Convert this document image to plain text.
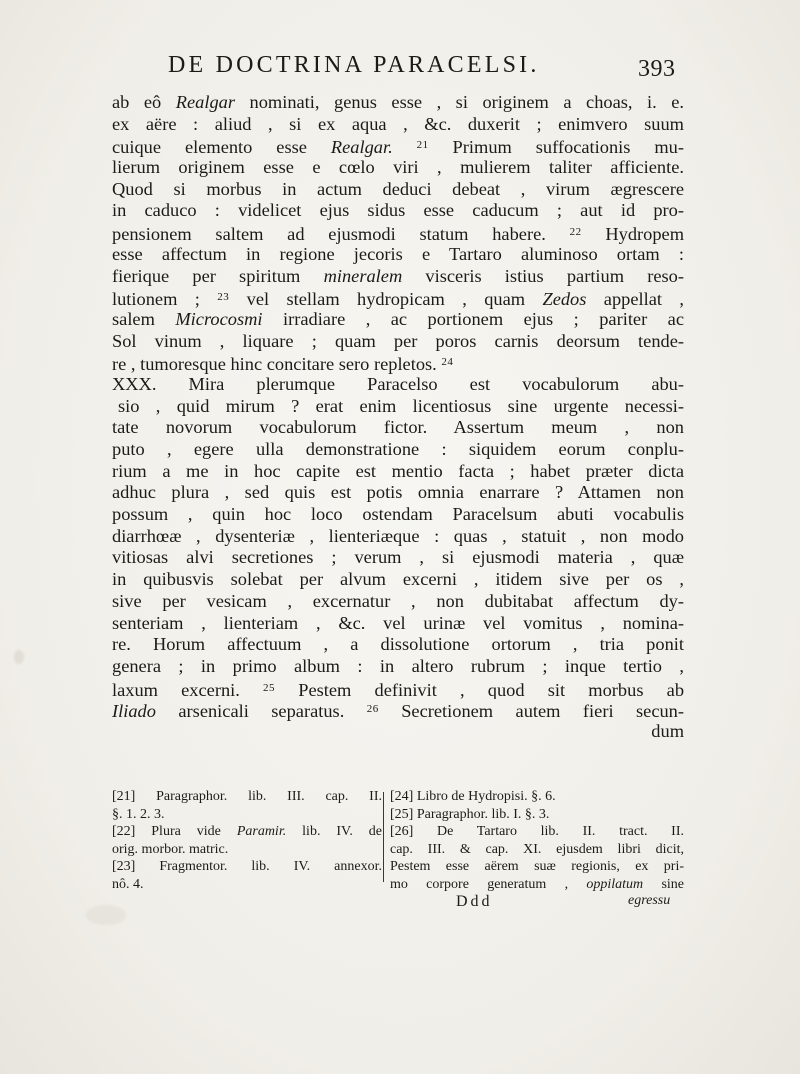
DE DOCTRINA PARACELSI.	393
ab eô Realgar nominati, genus esse , si originem a choas, i. e.
ex aëre : aliud , si ex aqua , &c. duxerit ; enimvero suum
cuique elemento esse Realgar. $^{21}$ Primum suffocationis mu-
lierum originem esse e cœlo viri , mulierem taliter afficiente.
Quod si morbus in actum deduci debeat , virum ægrescere
in caduco : videlicet ejus sidus esse caducum ; aut id pro-
pensionem saltem ad ejusmodi statum habere. $^{22}$ Hydropem
esse affectum in regione jecoris e Tartaro aluminoso ortam :
fierique per spiritum mineralem visceris istius partium reso-
lutionem ; $^{23}$ vel stellam hydropicam , quam Zedos appellat ,
salem Microcosmi irradiare , ac portionem ejus ; pariter ac
Sol vinum , liquare ; quam per poros carnis deorsum tende-
re , tumoresque hinc concitare sero repletos. $^{24}$
XXX. Mira plerumque Paracelso est vocabulorum abu-
sio , quid mirum ? erat enim licentiosus sine urgente necessi-
tate novorum vocabulorum fictor. Assertum meum , non
puto , egere ulla demonstratione : siquidem eorum conplu-
rium a me in hoc capite est mentio facta ; habet præter dicta
adhuc plura , sed quis est potis omnia enarrare ? Attamen non
possum , quin hoc loco ostendam Paracelsum abuti vocabulis
diarrhœæ , dysenteriæ , lienteriæque : quas , statuit , non modo
vitiosas alvi secretiones ; verum , si ejusmodi materia , quæ
in quibusvis solebat per alvum excerni , itidem sive per os ,
sive per vesicam , excernatur , non dubitabat affectum dy-
senteriam , lienteriam , &c. vel urinæ vel vomitus , nomina-
re. Horum affectuum , a dissolutione ortorum , tria ponit
genera ; in primo album : in altero rubrum ; inque tertio ,
laxum excerni. $^{25}$ Pestem definivit , quod sit morbus ab
Iliado arsenicali separatus. $^{26}$ Secretionem autem fieri secun-
dum
[21] Paragraphor. lib. III. cap. II.
§. 1. 2. 3.
[22] Plura vide Paramir. lib. IV. de
orig. morbor. matric.
[23] Fragmentor. lib. IV. annexor.
nô. 4.
[24] Libro de Hydropisi. §. 6.
[25] Paragraphor. lib. I. §. 3.
[26] De Tartaro lib. II. tract. II.
cap. III. & cap. XI. ejusdem libri dicit,
Pestem esse aërem suæ regionis, ex pri-
mo corpore generatum , oppilatum sine
Ddd	egressu
